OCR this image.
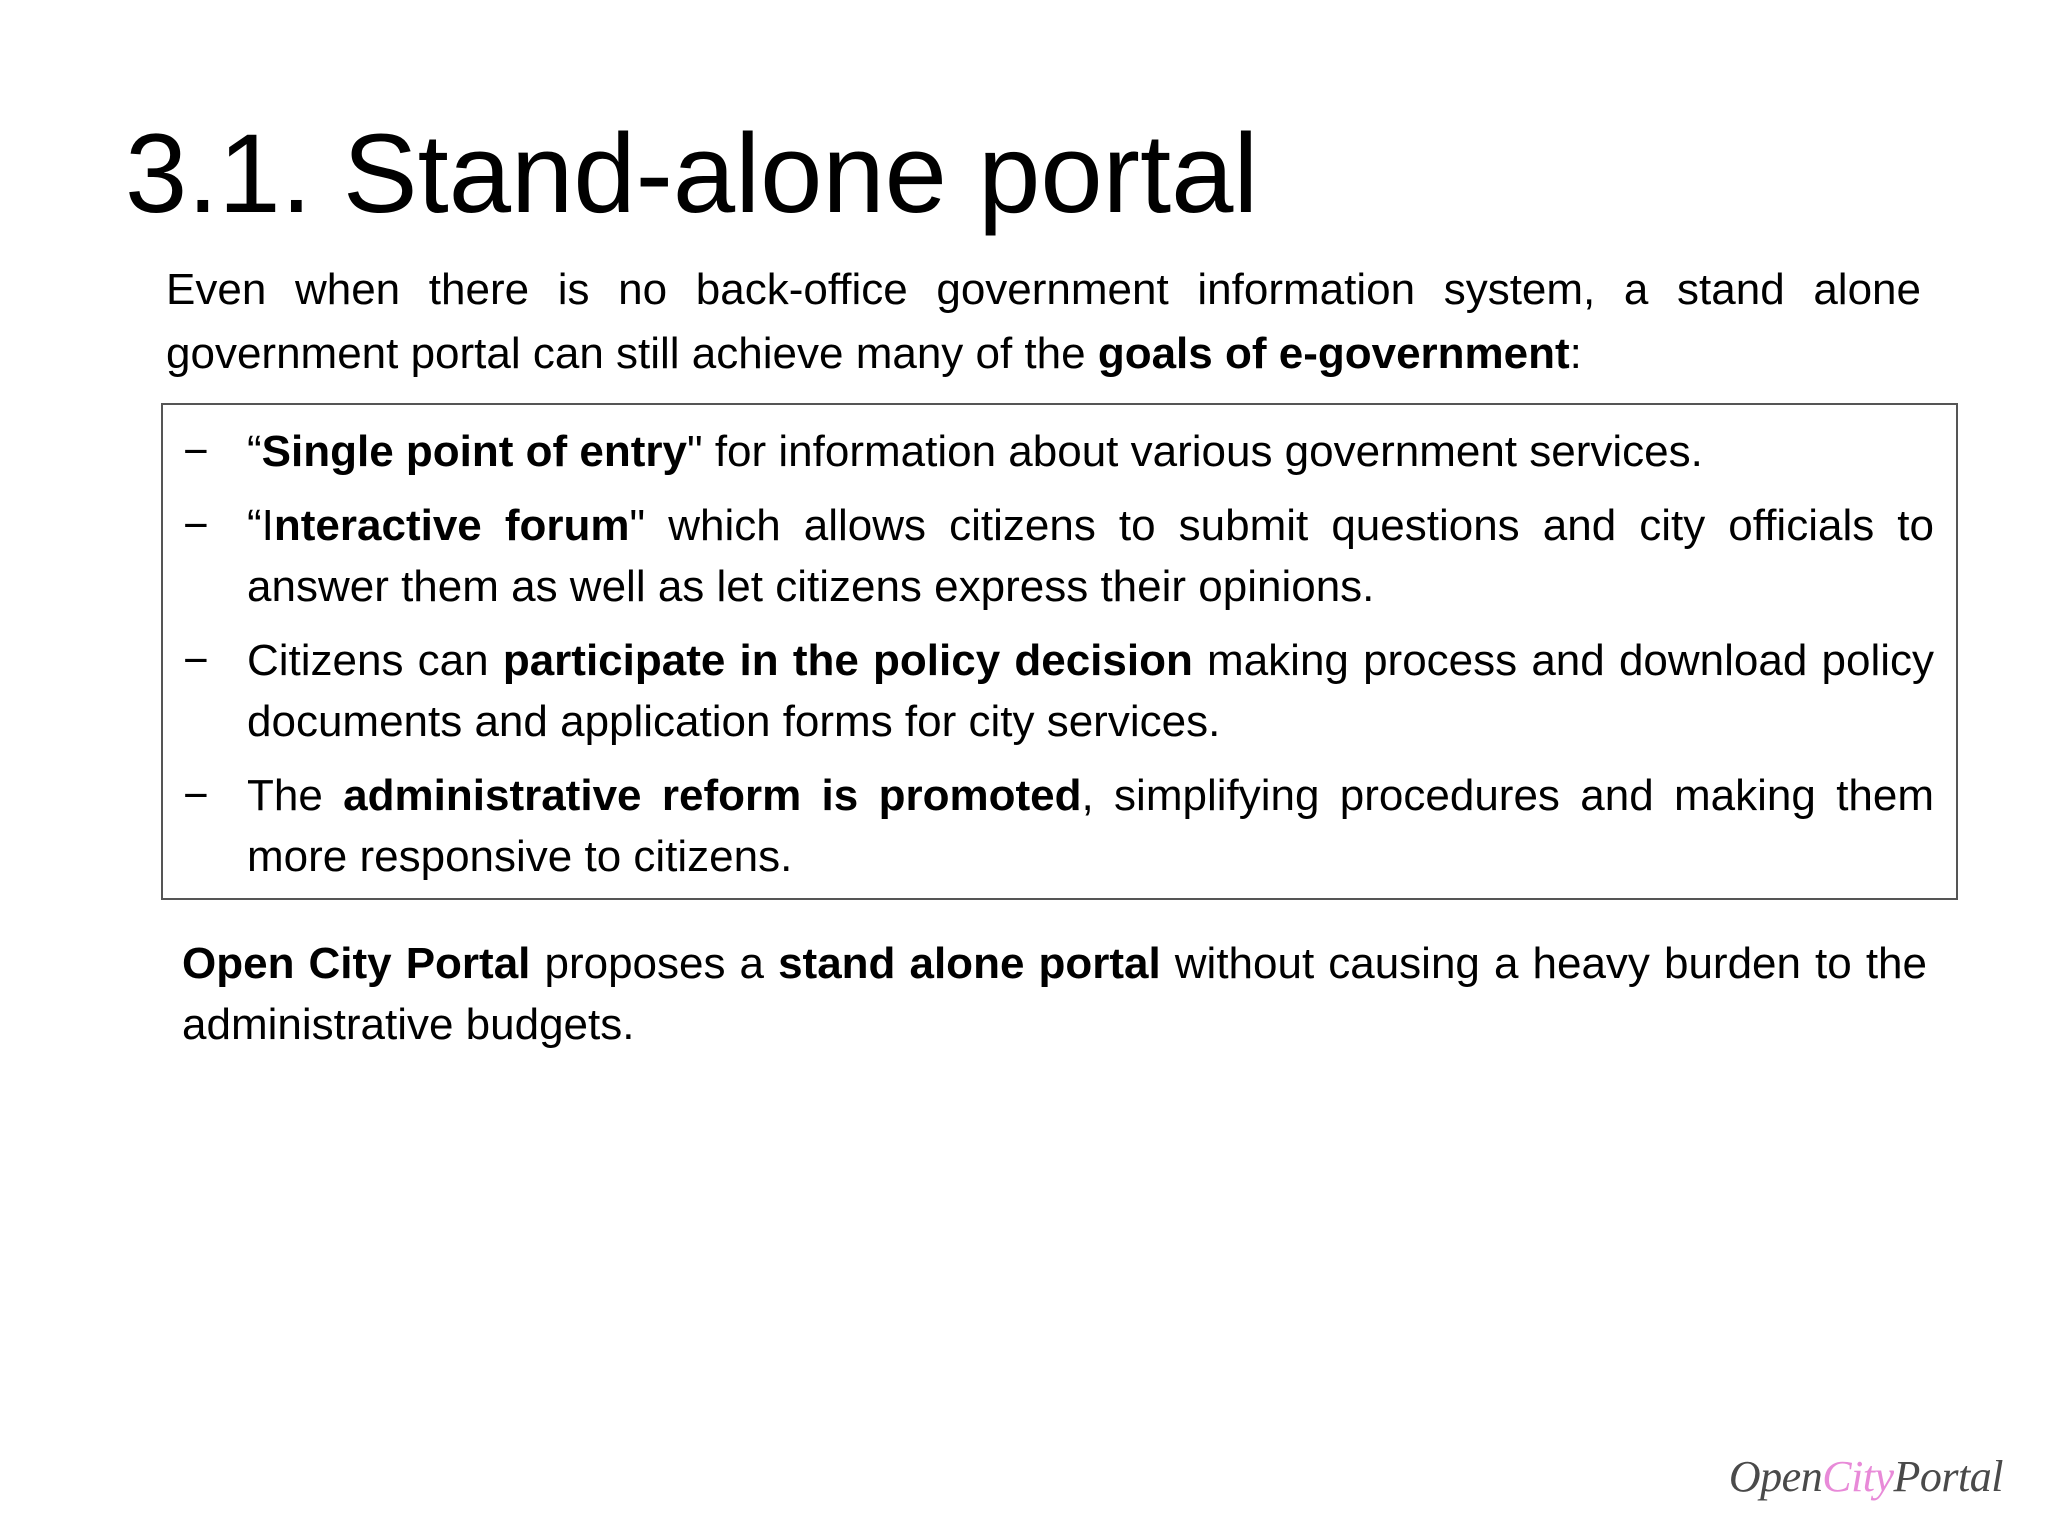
3.1. Stand-alone portal
Even when there is no back-office government information system, a stand alone government portal can still achieve many of the goals of e-government:
− “Single point of entry" for information about various government services.
− “Interactive forum" which allows citizens to submit questions and city officials to answer them as well as let citizens express their opinions.
− Citizens can participate in the policy decision making process and download policy documents and application forms for city services.
− The administrative reform is promoted, simplifying procedures and making them more responsive to citizens.
Open City Portal proposes a stand alone portal without causing a heavy burden to the administrative budgets.
OpenCityPortal
